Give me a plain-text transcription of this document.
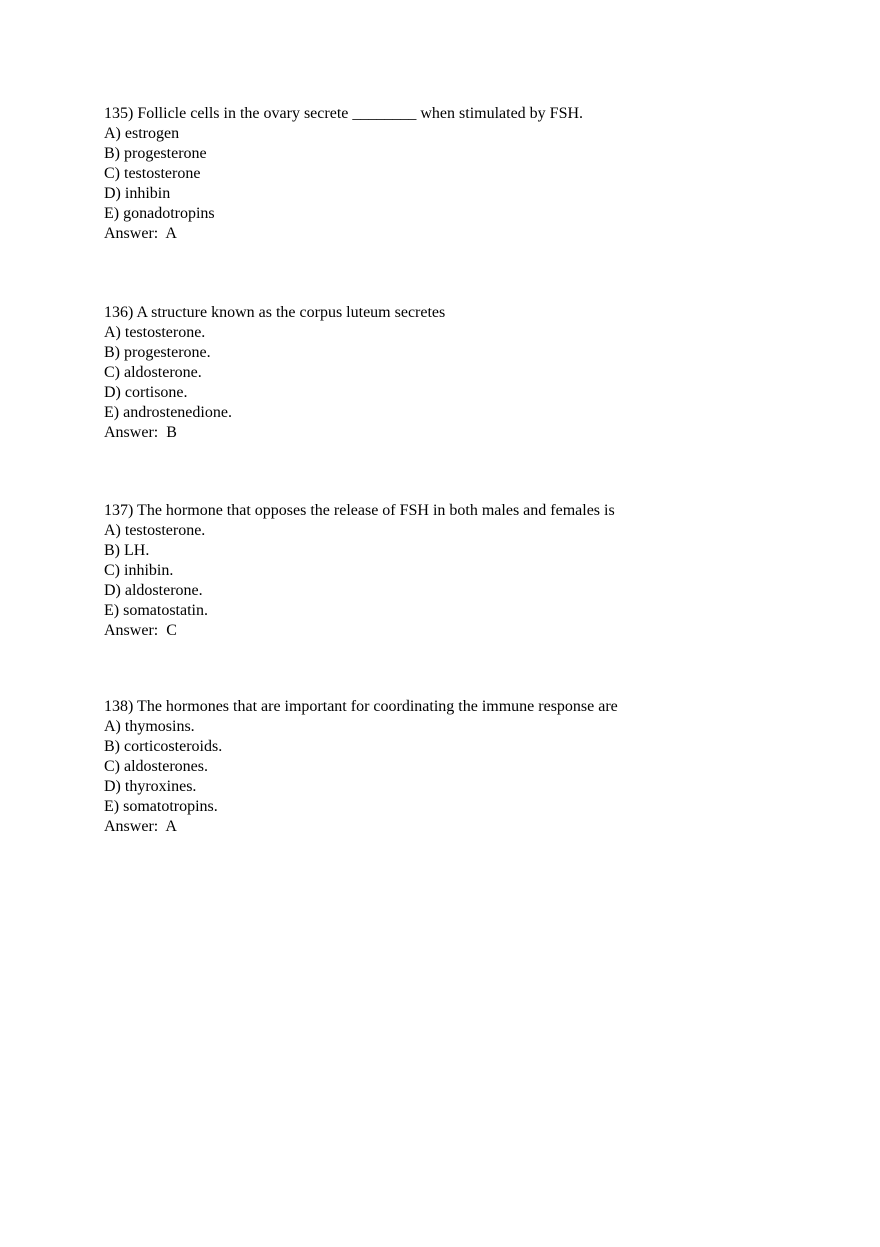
135) Follicle cells in the ovary secrete ________ when stimulated by FSH.
A) estrogen
B) progesterone
C) testosterone
D) inhibin
E) gonadotropins
Answer:  A
136) A structure known as the corpus luteum secretes
A) testosterone.
B) progesterone.
C) aldosterone.
D) cortisone.
E) androstenedione.
Answer:  B
137) The hormone that opposes the release of FSH in both males and females is
A) testosterone.
B) LH.
C) inhibin.
D) aldosterone.
E) somatostatin.
Answer:  C
138) The hormones that are important for coordinating the immune response are
A) thymosins.
B) corticosteroids.
C) aldosterones.
D) thyroxines.
E) somatotropins.
Answer:  A
